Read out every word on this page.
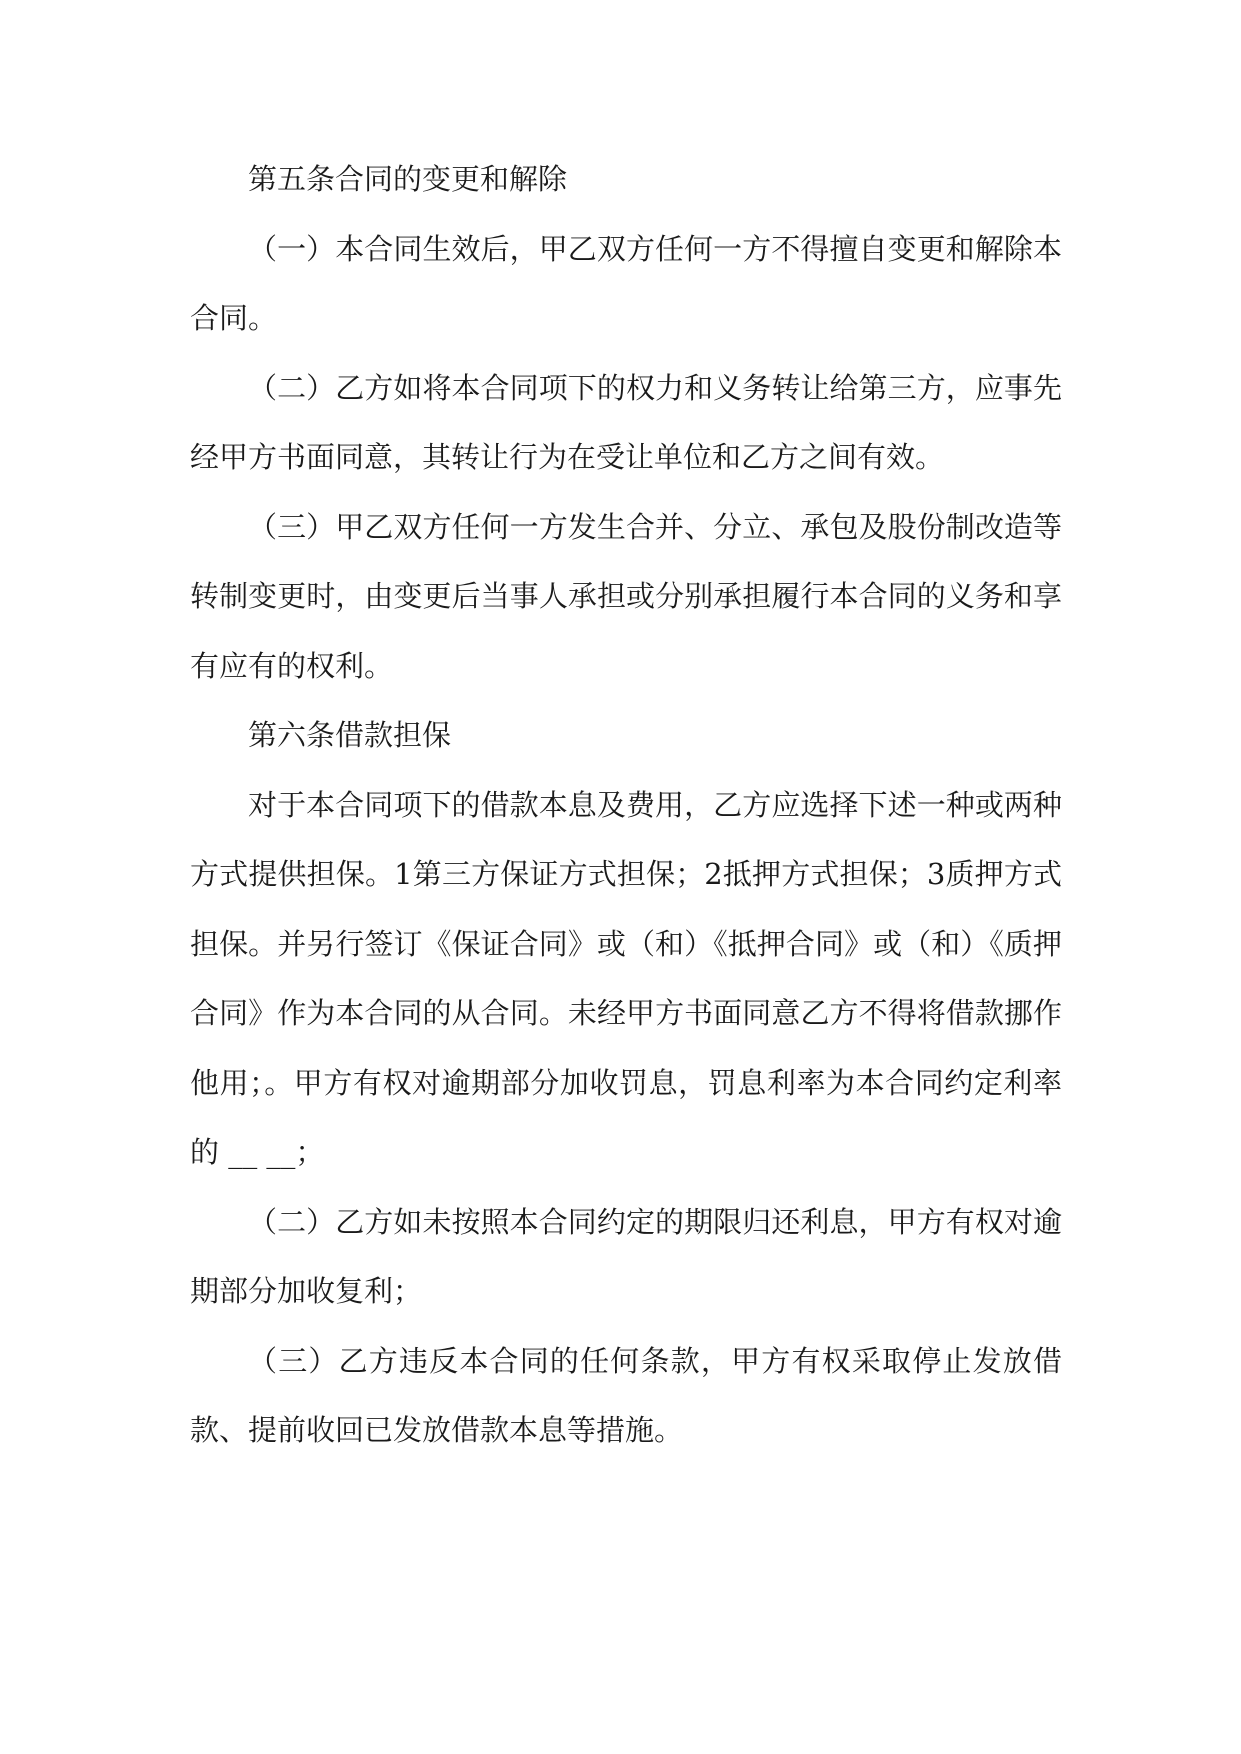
第五条合同的变更和解除

（一）本合同生效后，甲乙双方任何一方不得擅自变更和解除本合同。

（二）乙方如将本合同项下的权力和义务转让给第三方，应事先经甲方书面同意，其转让行为在受让单位和乙方之间有效。

（三）甲乙双方任何一方发生合并、分立、承包及股份制改造等转制变更时，由变更后当事人承担或分别承担履行本合同的义务和享有应有的权利。

第六条借款担保

对于本合同项下的借款本息及费用，乙方应选择下述一种或两种方式提供担保。1第三方保证方式担保；2抵押方式担保；3质押方式担保。并另行签订《保证合同》或（和）《抵押合同》或（和）《质押合同》作为本合同的从合同。未经甲方书面同意乙方不得将借款挪作他用；。甲方有权对逾期部分加收罚息，罚息利率为本合同约定利率的 __ __；

（二）乙方如未按照本合同约定的期限归还利息，甲方有权对逾期部分加收复利；

（三）乙方违反本合同的任何条款，甲方有权采取停止发放借款、提前收回已发放借款本息等措施。
